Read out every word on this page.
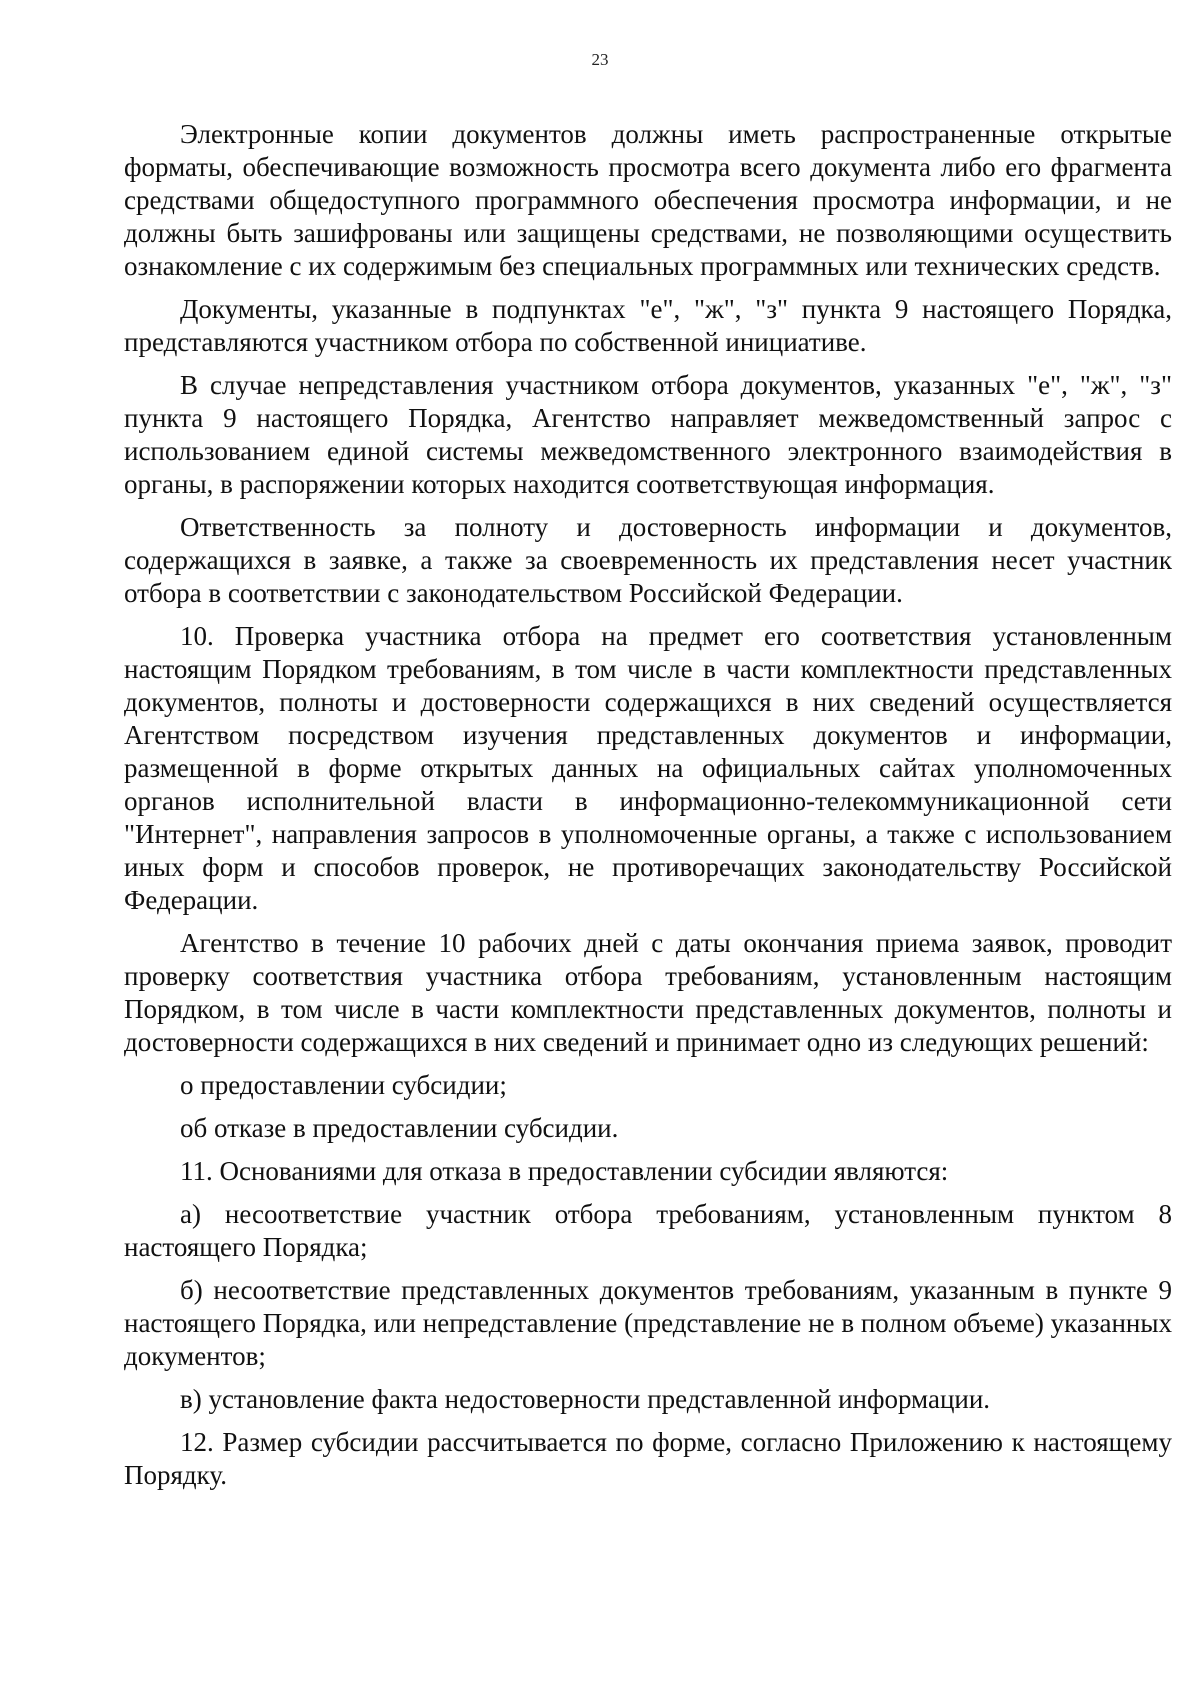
23

Электронные копии документов должны иметь распространенные открытые форматы, обеспечивающие возможность просмотра всего документа либо его фрагмента средствами общедоступного программного обеспечения просмотра информации, и не должны быть зашифрованы или защищены средствами, не позволяющими осуществить ознакомление с их содержимым без специальных программных или технических средств.

Документы, указанные в подпунктах "е", "ж", "з" пункта 9 настоящего Порядка, представляются участником отбора по собственной инициативе.

В случае непредставления участником отбора документов, указанных "е", "ж", "з" пункта 9 настоящего Порядка, Агентство направляет межведомственный запрос с использованием единой системы межведомственного электронного взаимодействия в органы, в распоряжении которых находится соответствующая информация.

Ответственность за полноту и достоверность информации и документов, содержащихся в заявке, а также за своевременность их представления несет участник отбора в соответствии с законодательством Российской Федерации.

10. Проверка участника отбора на предмет его соответствия установленным настоящим Порядком требованиям, в том числе в части комплектности представленных документов, полноты и достоверности содержащихся в них сведений осуществляется Агентством посредством изучения представленных документов и информации, размещенной в форме открытых данных на официальных сайтах уполномоченных органов исполнительной власти в информационно-телекоммуникационной сети "Интернет", направления запросов в уполномоченные органы, а также с использованием иных форм и способов проверок, не противоречащих законодательству Российской Федерации.

Агентство в течение 10 рабочих дней с даты окончания приема заявок, проводит проверку соответствия участника отбора требованиям, установленным настоящим Порядком, в том числе в части комплектности представленных документов, полноты и достоверности содержащихся в них сведений и принимает одно из следующих решений:

о предоставлении субсидии;

об отказе в предоставлении субсидии.

11. Основаниями для отказа в предоставлении субсидии являются:

а) несоответствие участник отбора требованиям, установленным пунктом 8 настоящего Порядка;

б) несоответствие представленных документов требованиям, указанным в пункте 9 настоящего Порядка, или непредставление (представление не в полном объеме) указанных документов;

в) установление факта недостоверности представленной информации.

12. Размер субсидии рассчитывается по форме, согласно Приложению к настоящему Порядку.
